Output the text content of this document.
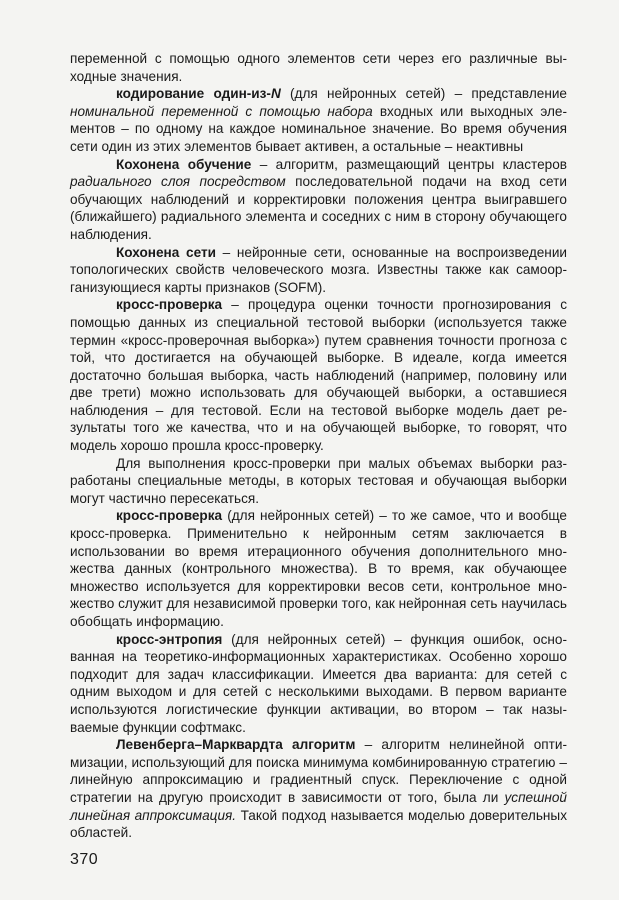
переменной с помощью одного элементов сети через его различные выходные значения.

кодирование один-из-N (для нейронных сетей) – представление номинальной переменной с помощью набора входных или выходных элементов – по одному на каждое номинальное значение. Во время обучения сети один из этих элементов бывает активен, а остальные – неактивны

Кохонена обучение – алгоритм, размещающий центры кластеров радиального слоя посредством последовательной подачи на вход сети обучающих наблюдений и корректировки положения центра выигравшего (ближайшего) радиального элемента и соседних с ним в сторону обучающего наблюдения.

Кохонена сети – нейронные сети, основанные на воспроизведении топологических свойств человеческого мозга. Известны также как самоорганизующиеся карты признаков (SOFM).

кросс-проверка – процедура оценки точности прогнозирования с помощью данных из специальной тестовой выборки (используется также термин «кросс-проверочная выборка») путем сравнения точности прогноза с той, что достигается на обучающей выборке. В идеале, когда имеется достаточно большая выборка, часть наблюдений (например, половину или две трети) можно использовать для обучающей выборки, а оставшиеся наблюдения – для тестовой. Если на тестовой выборке модель дает результаты того же качества, что и на обучающей выборке, то говорят, что модель хорошо прошла кросс-проверку.

Для выполнения кросс-проверки при малых объемах выборки разработаны специальные методы, в которых тестовая и обучающая выборки могут частично пересекаться.

кросс-проверка (для нейронных сетей) – то же самое, что и вообще кросс-проверка. Применительно к нейронным сетям заключается в использовании во время итерационного обучения дополнительного множества данных (контрольного множества). В то время, как обучающее множество используется для корректировки весов сети, контрольное множество служит для независимой проверки того, как нейронная сеть научилась обобщать информацию.

кросс-энтропия (для нейронных сетей) – функция ошибок, основанная на теоретико-информационных характеристиках. Особенно хорошо подходит для задач классификации. Имеется два варианта: для сетей с одним выходом и для сетей с несколькими выходами. В первом варианте используются логистические функции активации, во втором – так называемые функции софтмакс.

Левенберга–Марквардта алгоритм – алгоритм нелинейной оптимизации, использующий для поиска минимума комбинированную стратегию – линейную аппроксимацию и градиентный спуск. Переключение с одной стратегии на другую происходит в зависимости от того, была ли успешной линейная аппроксимация. Такой подход называется моделью доверительных областей.

370
